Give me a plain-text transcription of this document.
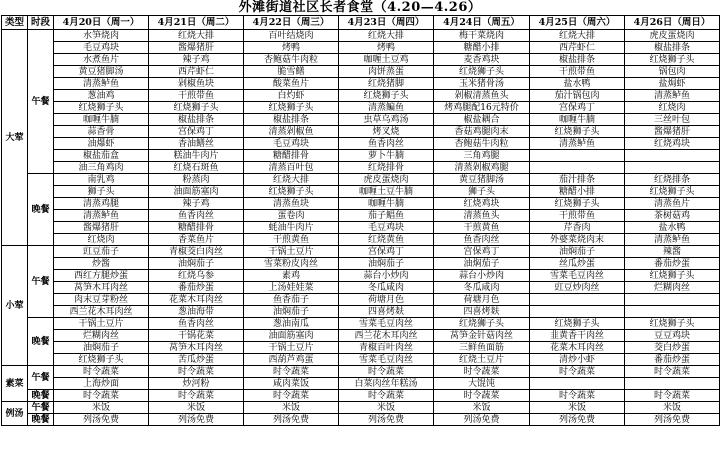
外滩街道社区长者食堂（4.20—4.26）
类型	时段	4月20日（周一）	4月21日（周二）	4月22日（周三）	4月23日（周四）	4月24日（周五）	4月25日（周六）	4月26日（周日）
大荤	午餐	水笋烧肉	红烧大排	百叶结烧肉	红烧大排	梅干菜烧肉	红烧大排	虎皮蛋烧肉
		毛豆鸡块	酱爆猪肝	烤鸭	烤鸭	糖醋小排	西芹虾仁	椒盐排条
		水煮鱼片	辣子鸡	杏鲍菇牛肉粒	咖喱土豆鸡	麦香鸡块	椒盐排条	红烧狮子头
		黄豆猪脚汤	西芹虾仁	脆雪鳝	肉饼蒸蛋	红烧狮子头	干煎带鱼	锅包肉
		清蒸鲈鱼	剁椒鱼块	酸菜鱼片	红烧猪脚	玉米猪骨汤	盐水鸭	盐焗虾
		葱油鸡	干煎带鱼	白灼虾	红烧狮子头	剁椒清蒸鱼头	茄汁锅包肉	清蒸鲈鱼
		红烧狮子头	红烧狮子头	红烧狮子头	清蒸鳊鱼	烤鸡腿配16元特价	宫保鸡丁	红烧肉
		咖喱牛腩	椒盐排条	椒盐排条	虫草乌鸡汤	椒盐耦合	咖喱牛腩	三丝叶包
		蒜香骨	宫保鸡丁	清蒸剁椒鱼	烤叉烧	香菇鸡腿肉末	红烧狮子头	酱爆猪肝
		油爆虾	香油鳝丝	毛豆鸡块	鱼香肉丝	杏鲍菇牛肉粒	清蒸鲈鱼	红烧鸡块
		椒盐茄盒	糕油牛肉片	糖醋排骨	萝卜牛腩	三角鸡腿		
		油三角鸡肉	红烧石斑鱼	清蒸百叶包	红烧排骨	清蒸剁椒鸡腿		
	晚餐	南乳鸡	粉蒸肉	红烧大排	虎皮蛋烧肉	黄豆猪脚汤	茄汁排条	红烧排条
		狮子头	油面筋塞肉	红烧狮子头	咖喱土豆牛腩	狮子头	糖醋小排	红烧狮子头
		清蒸鸡腿	辣子鸡	清蒸鱼块	咖喱牛腩	红烧鸡块	红烧狮子头	清蒸鱼片
		清蒸鲈鱼	鱼香肉丝	蛋卷肉	茄子鲳鱼	清蒸鱼头	干煎带鱼	茶树菇鸡
		酱爆猪肝	糖醋排骨	蚝油牛肉片	毛豆鸡块	干煎黄鱼	芹香肉	盐水鸭
		红烧肉	香菜鱼片	干煎黄鱼	红烧黄鱼	鱼香肉丝	外婆菜烧肉末	清蒸鲈鱼
小荤	午餐	豇豆茄子	青椒茭白肉丝	干锅土豆片	宫保鸡丁	宫保鸡丁	油焖茄子	辣酱
		炒酱	油焖茄子	雪菜粉皮肉丝	油焖茄子	油焖茄子	丝瓜炒蛋	番茄炒蛋
		西红方腿炒蛋	红烧乌参	素鸡	蒜台小炒肉	蒜台小炒肉	雪菜毛豆肉丝	红烧狮子头
		莴笋木耳肉丝	番茄炒蛋	上汤娃娃菜	冬瓜咸肉	冬瓜咸肉	豇豆炒肉丝	烂糊肉丝
		肉末豆芽粉丝	花菜木耳肉丝	鱼香茄子	荷塘月色	荷塘月色		
		西兰花木耳肉丝	葱油海带	油焖茄子	四喜烤麸	四喜烤麸		
	晚餐	干锅土豆片	鱼香肉丝	葱油南瓜	雪菜毛豆肉丝	红烧狮子头	红烧狮子头	红烧狮子头
		烂糊肉丝	干锅花菜	油面筋塞肉	西兰花木耳肉丝	莴笋金针菇肉丝	韭黄香干肉丝	豆豆鸡块
		油焖茄子	莴笋木耳肉丝	干锅土豆片	青椒百叶肉丝	三鲜鱼面筋	花菜木耳肉丝	茭白炒蛋
		红烧狮子头	苦瓜炒蛋	西葫芦鸡蛋	雪菜毛豆肉丝	红烧土豆片	清炒小虾	番茄炒蛋
素菜	午餐	时令蔬菜	时令蔬菜	时令蔬菜	时令蔬菜	时令蔬菜	时令蔬菜	时令蔬菜
		上海炒面	炒河粉	咸肉菜饭	白菜肉丝年糕汤	大馄饨		
	晚餐	时令蔬菜	时令蔬菜	时令蔬菜	时令蔬菜	时令蔬菜	时令蔬菜	时令蔬菜
例汤	午餐	米饭	米饭	米饭	米饭	米饭	米饭	米饭
	晚餐	列汤免费	列汤免费	列汤免费	列汤免费	列汤免费	列汤免费	列汤免费
